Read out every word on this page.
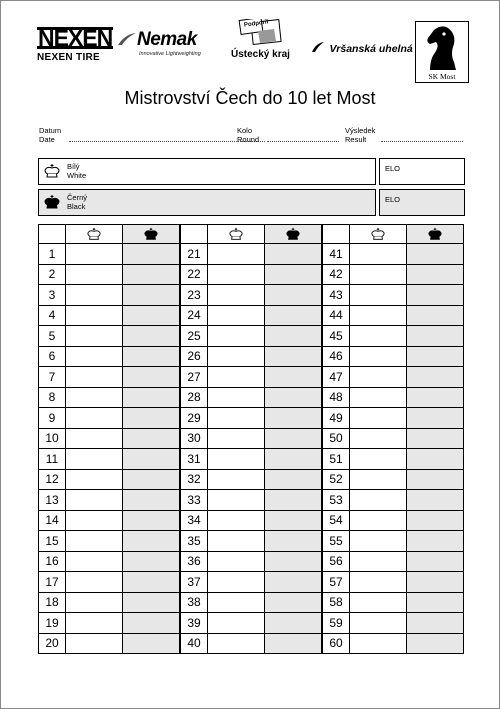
NEXEN
NEXEN TIRE
Nemak
Innovative Lightweighting
Podporil
Ústecký kraj	Vršanská uhelná
SK Most
Mistrovství Čech do 10 let Most
Datum
Date
Kolo
Round
Výsledek
Result
Bílý
White
ELO
Černý
Black
ELO

1			21			41		
2			22			42		
3			23			43		
4			24			44		
5			25			45		
6			26			46		
7			27			47		
8			28			48		
9			29			49		
10			30			50		
11			31			51		
12			32			52		
13			33			53		
14			34			54		
15			35			55		
16			36			56		
17			37			57		
18			38			58		
19			39			59		
20			40			60		
